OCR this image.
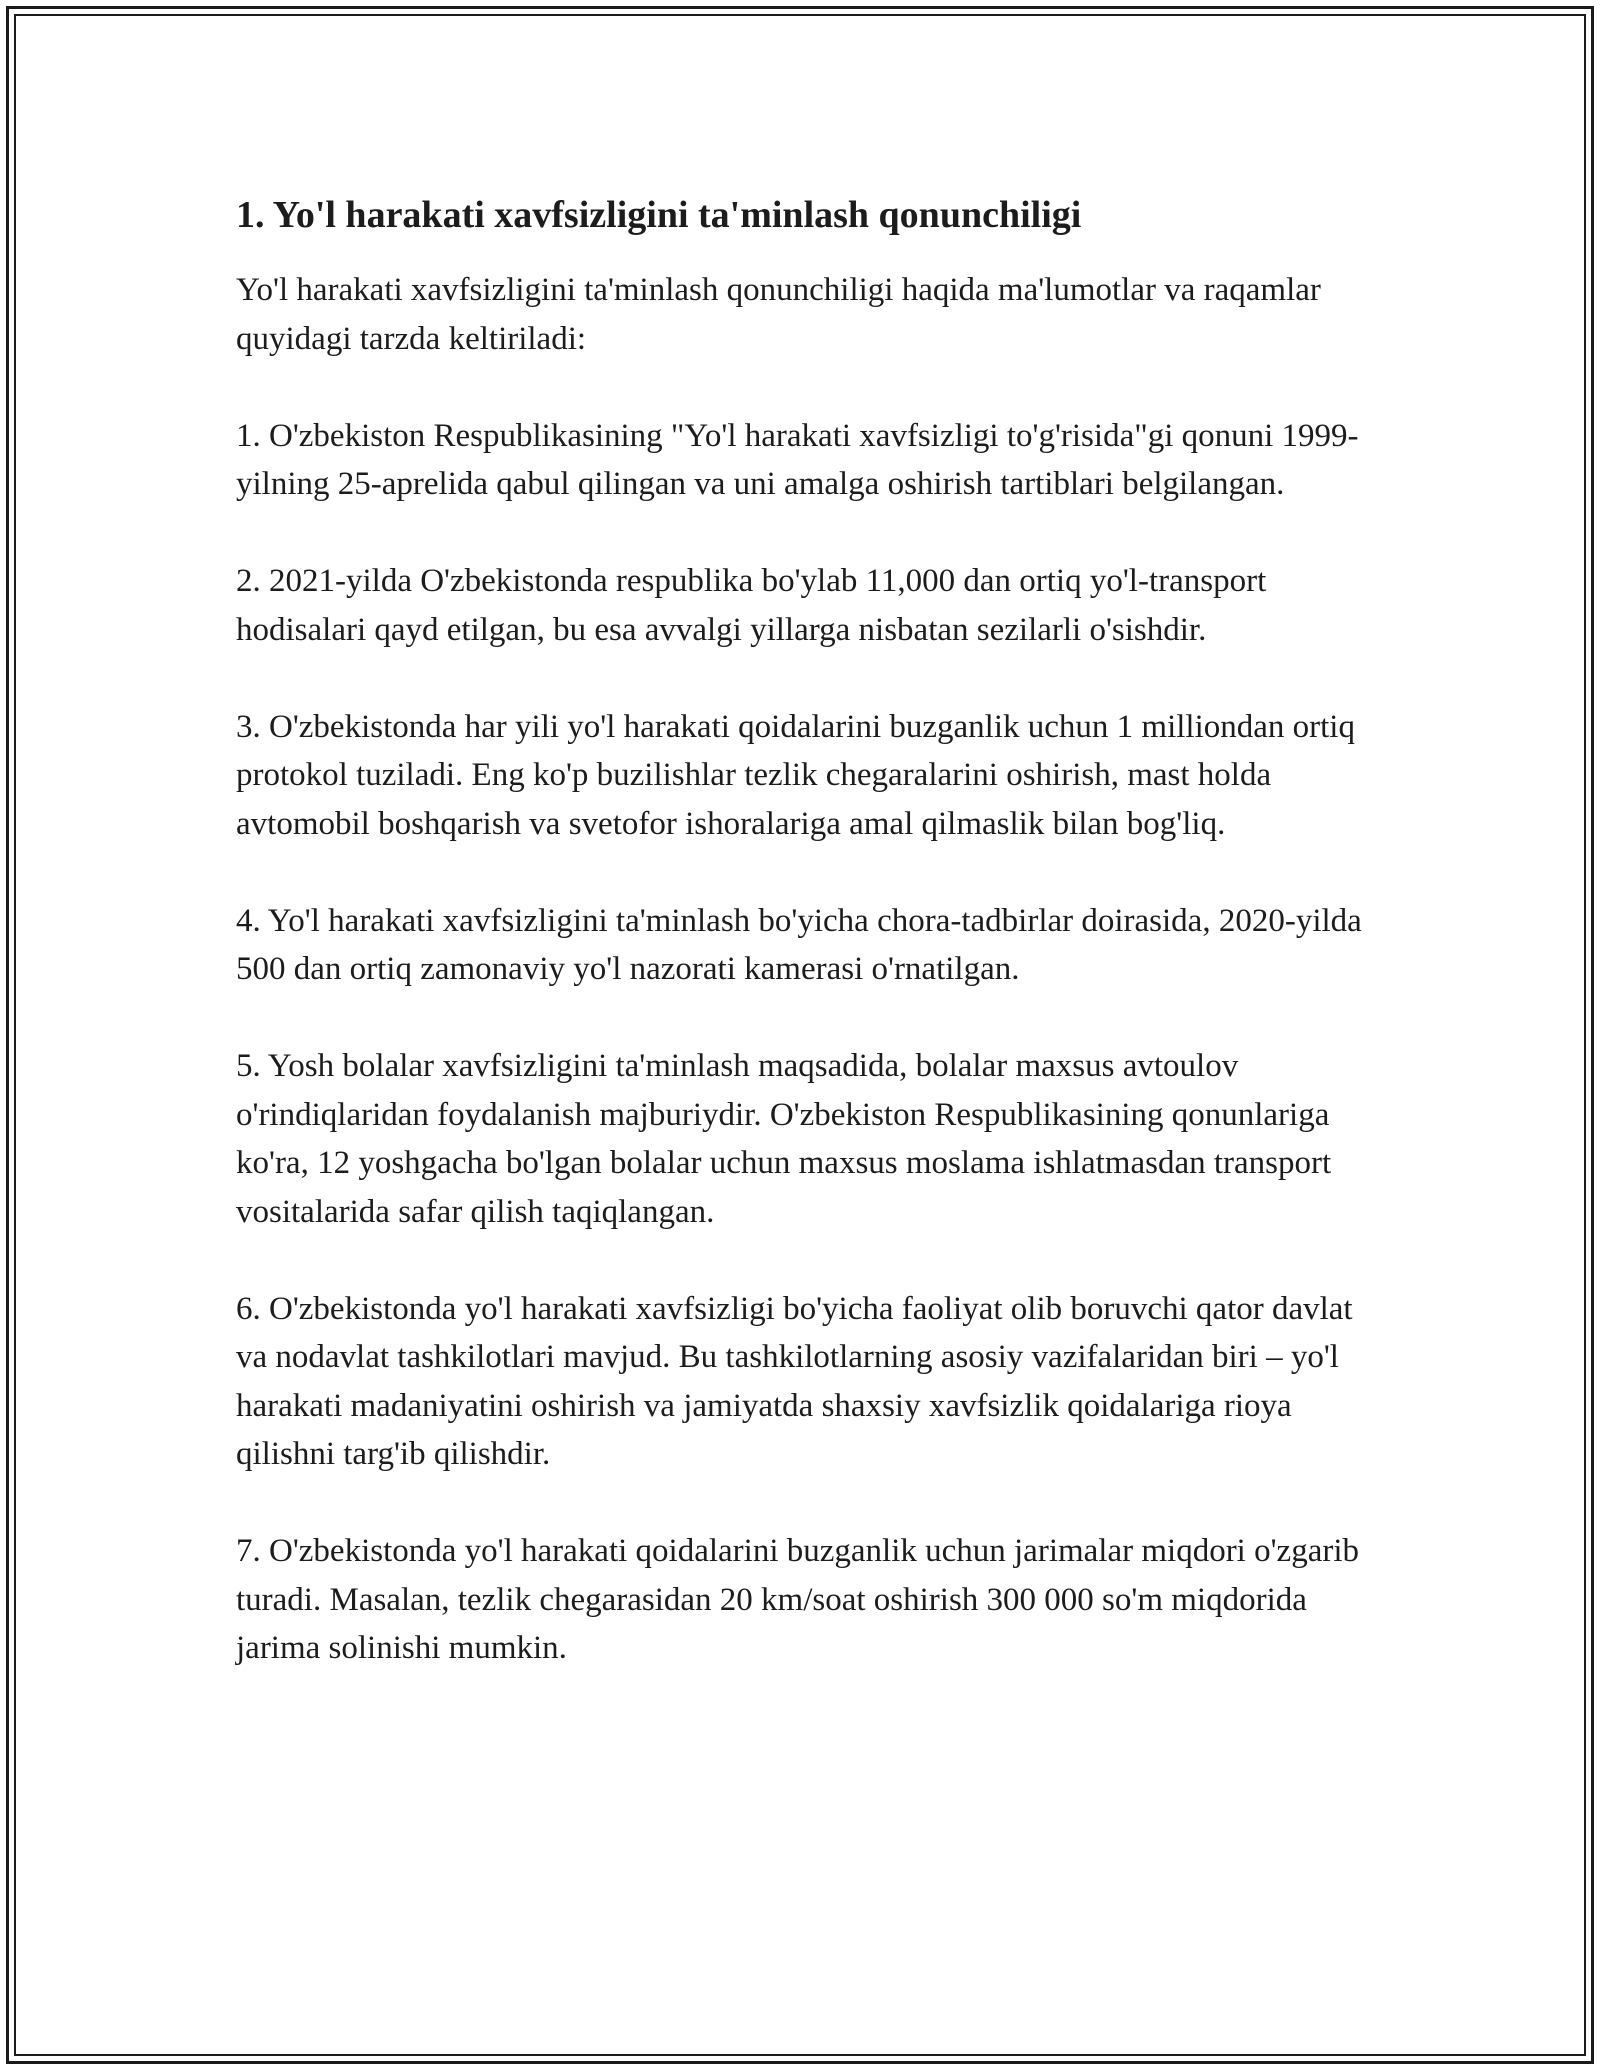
1. Yo'l harakati xavfsizligini ta'minlash qonunchiligi

Yo'l harakati xavfsizligini ta'minlash qonunchiligi haqida ma'lumotlar va raqamlar quyidagi tarzda keltiriladi:

1. O'zbekiston Respublikasining "Yo'l harakati xavfsizligi to'g'risida"gi qonuni 1999-yilning 25-aprelida qabul qilingan va uni amalga oshirish tartiblari belgilangan.

2. 2021-yilda O'zbekistonda respublika bo'ylab 11,000 dan ortiq yo'l-transport hodisalari qayd etilgan, bu esa avvalgi yillarga nisbatan sezilarli o'sishdir.

3. O'zbekistonda har yili yo'l harakati qoidalarini buzganlik uchun 1 milliondan ortiq protokol tuziladi. Eng ko'p buzilishlar tezlik chegaralarini oshirish, mast holda avtomobil boshqarish va svetofor ishoralariga amal qilmaslik bilan bog'liq.

4. Yo'l harakati xavfsizligini ta'minlash bo'yicha chora-tadbirlar doirasida, 2020-yilda 500 dan ortiq zamonaviy yo'l nazorati kamerasi o'rnatilgan.

5. Yosh bolalar xavfsizligini ta'minlash maqsadida, bolalar maxsus avtoulov o'rindiqlaridan foydalanish majburiydir. O'zbekiston Respublikasining qonunlariga ko'ra, 12 yoshgacha bo'lgan bolalar uchun maxsus moslama ishlatmasdan transport vositalarida safar qilish taqiqlangan.

6. O'zbekistonda yo'l harakati xavfsizligi bo'yicha faoliyat olib boruvchi qator davlat va nodavlat tashkilotlari mavjud. Bu tashkilotlarning asosiy vazifalaridan biri – yo'l harakati madaniyatini oshirish va jamiyatda shaxsiy xavfsizlik qoidalariga rioya qilishni targ'ib qilishdir.

7. O'zbekistonda yo'l harakati qoidalarini buzganlik uchun jarimalar miqdori o'zgarib turadi. Masalan, tezlik chegarasidan 20 km/soat oshirish 300 000 so'm miqdorida jarima solinishi mumkin.
